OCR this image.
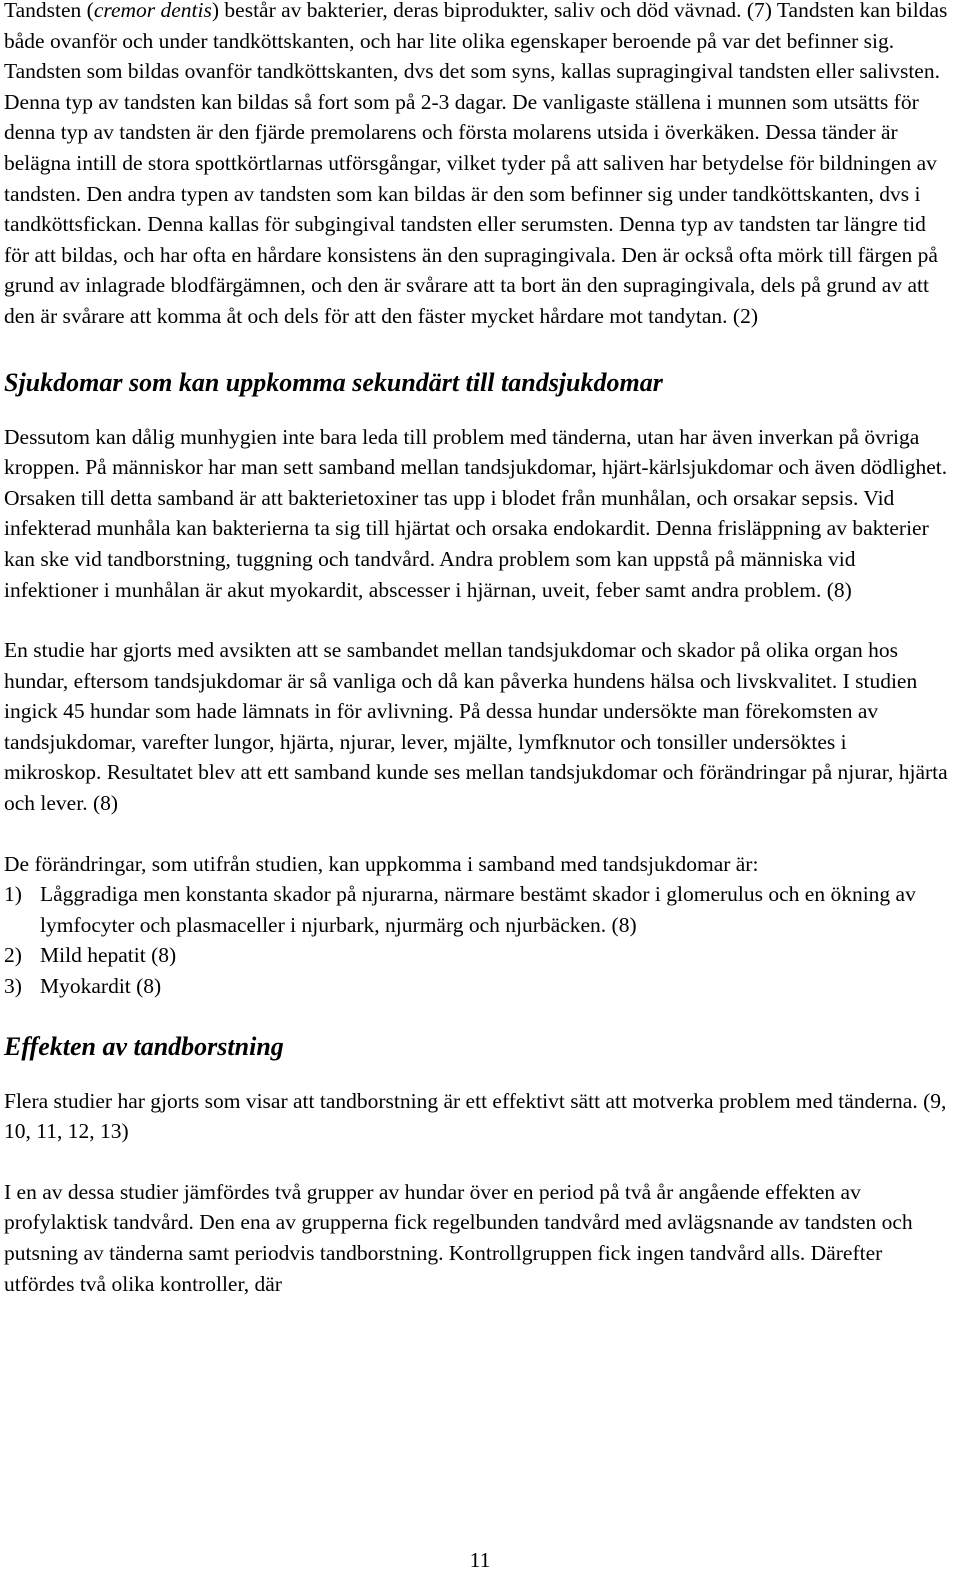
Tandsten (cremor dentis) består av bakterier, deras biprodukter, saliv och död vävnad. (7) Tandsten kan bildas både ovanför och under tandköttskanten, och har lite olika egenskaper beroende på var det befinner sig. Tandsten som bildas ovanför tandköttskanten, dvs det som syns, kallas supragingival tandsten eller salivsten. Denna typ av tandsten kan bildas så fort som på 2-3 dagar. De vanligaste ställena i munnen som utsätts för denna typ av tandsten är den fjärde premolarens och första molarens utsida i överkäken. Dessa tänder är belägna intill de stora spottkörtlarnas utförsgångar, vilket tyder på att saliven har betydelse för bildningen av tandsten. Den andra typen av tandsten som kan bildas är den som befinner sig under tandköttskanten, dvs i tandköttsfickan. Denna kallas för subgingival tandsten eller serumsten. Denna typ av tandsten tar längre tid för att bildas, och har ofta en hårdare konsistens än den supragingivala. Den är också ofta mörk till färgen på grund av inlagrade blodfärgämnen, och den är svårare att ta bort än den supragingivala, dels på grund av att den är svårare att komma åt och dels för att den fäster mycket hårdare mot tandytan. (2)

Sjukdomar som kan uppkomma sekundärt till tandsjukdomar

Dessutom kan dålig munhygien inte bara leda till problem med tänderna, utan har även inverkan på övriga kroppen. På människor har man sett samband mellan tandsjukdomar, hjärt-kärlsjukdomar och även dödlighet. Orsaken till detta samband är att bakterietoxiner tas upp i blodet från munhålan, och orsakar sepsis. Vid infekterad munhåla kan bakterierna ta sig till hjärtat och orsaka endokardit. Denna frisläppning av bakterier kan ske vid tandborstning, tuggning och tandvård. Andra problem som kan uppstå på människa vid infektioner i munhålan är akut myokardit, abscesser i hjärnan, uveit, feber samt andra problem. (8)

En studie har gjorts med avsikten att se sambandet mellan tandsjukdomar och skador på olika organ hos hundar, eftersom tandsjukdomar är så vanliga och då kan påverka hundens hälsa och livskvalitet. I studien ingick 45 hundar som hade lämnats in för avlivning. På dessa hundar undersökte man förekomsten av tandsjukdomar, varefter lungor, hjärta, njurar, lever, mjälte, lymfknutor och tonsiller undersöktes i mikroskop. Resultatet blev att ett samband kunde ses mellan tandsjukdomar och förändringar på njurar, hjärta och lever. (8)

De förändringar, som utifrån studien, kan uppkomma i samband med tandsjukdomar är:

1) Låggradiga men konstanta skador på njurarna, närmare bestämt skador i glomerulus och en ökning av lymfocyter och plasmaceller i njurbark, njurmärg och njurbäcken. (8)
2) Mild hepatit (8)
3) Myokardit (8)
Effekten av tandborstning

Flera studier har gjorts som visar att tandborstning är ett effektivt sätt att motverka problem med tänderna. (9, 10, 11, 12, 13)

I en av dessa studier jämfördes två grupper av hundar över en period på två år angående effekten av profylaktisk tandvård. Den ena av grupperna fick regelbunden tandvård med avlägsnande av tandsten och putsning av tänderna samt periodvis tandborstning. Kontrollgruppen fick ingen tandvård alls. Därefter utfördes två olika kontroller, där

11
